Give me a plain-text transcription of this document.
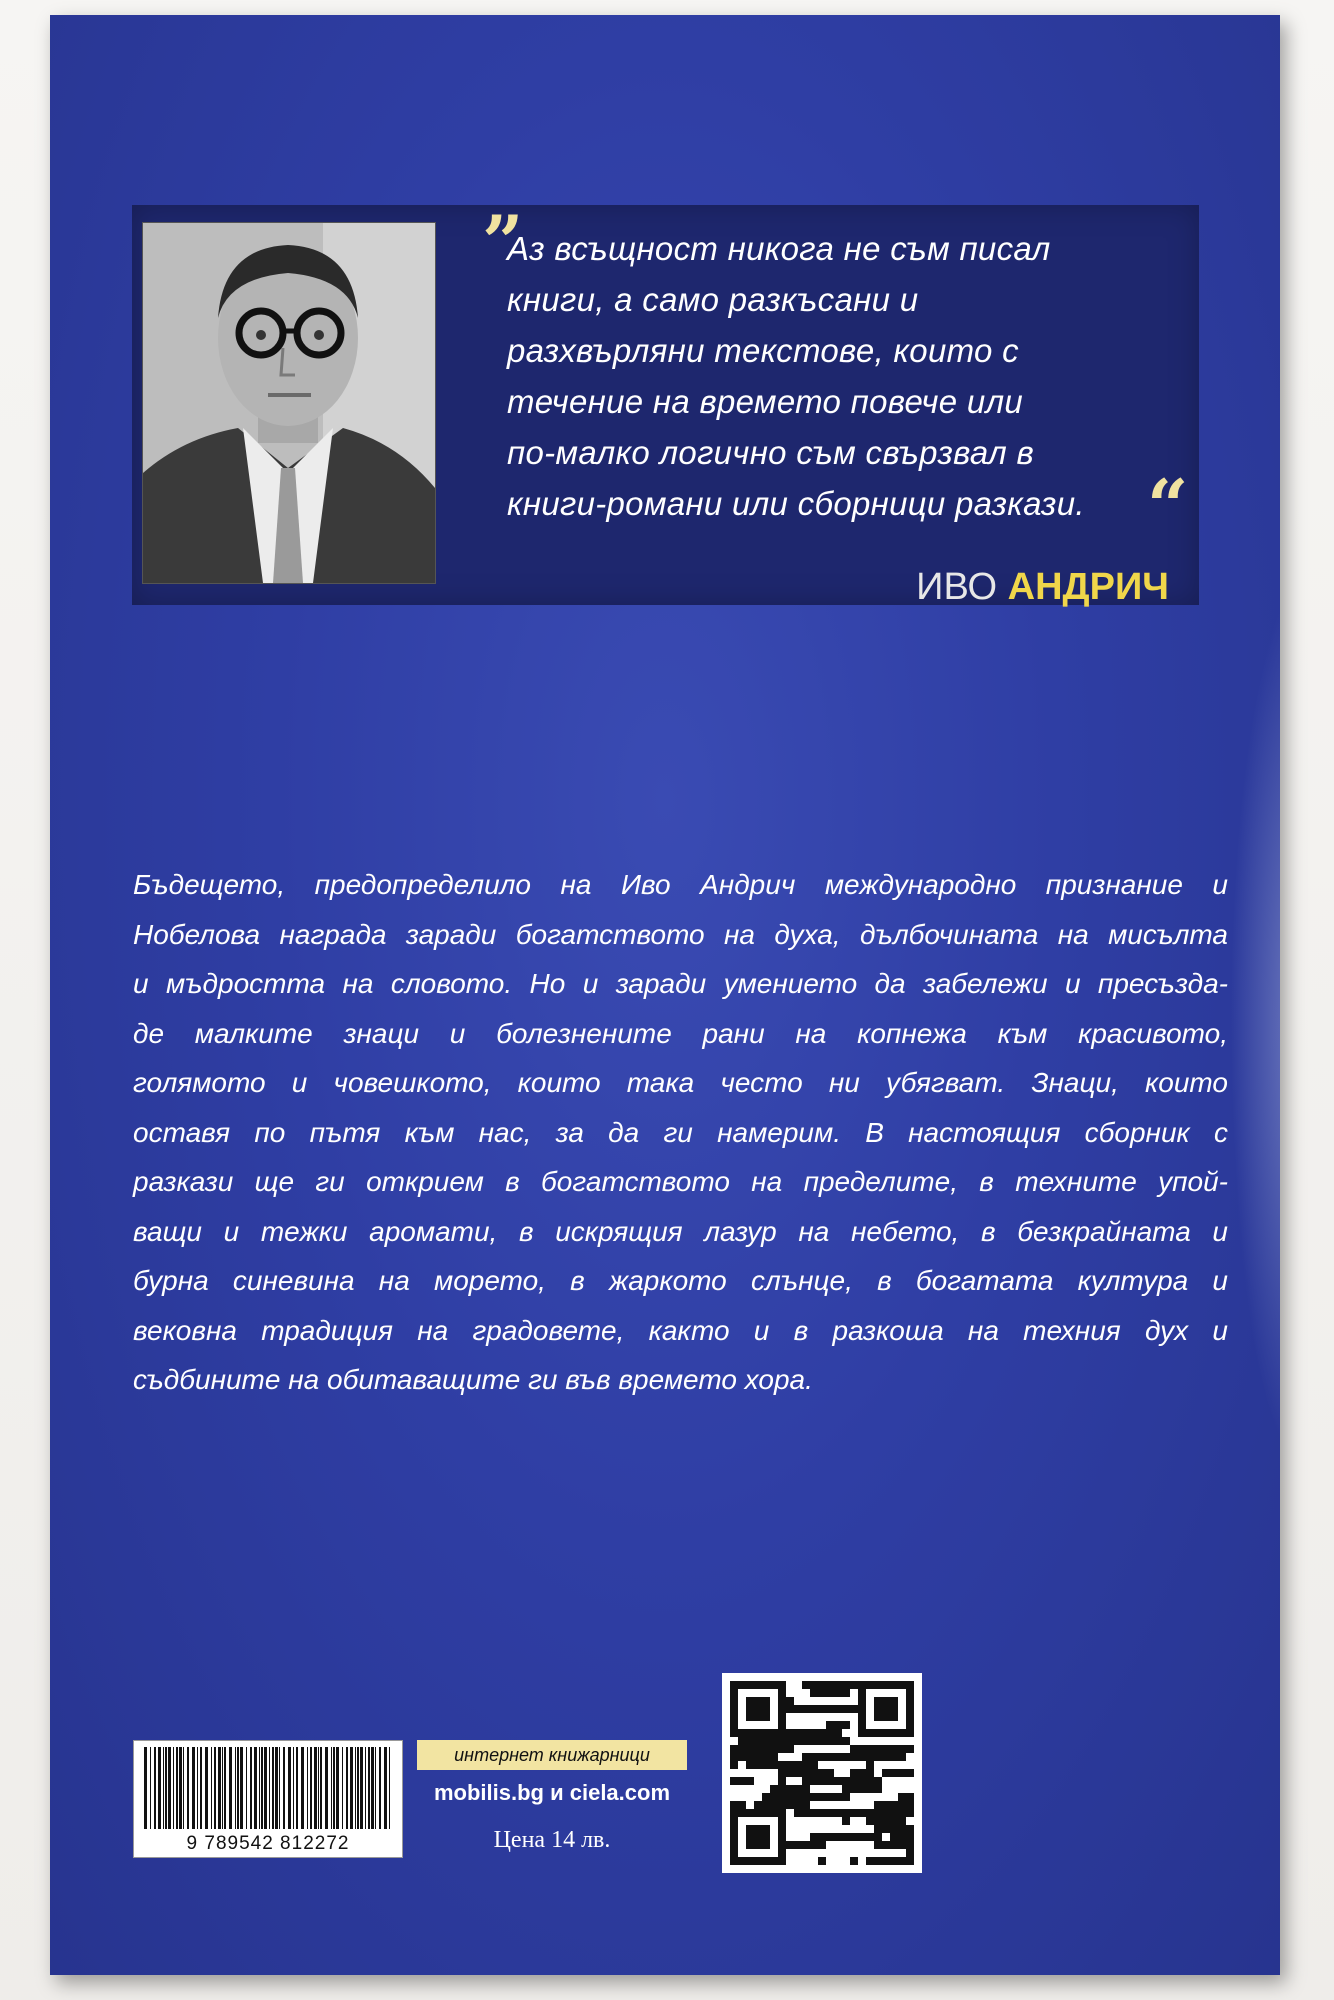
”
Аз всъщност никога не съм писал
книги, а само разкъсани и
разхвърляни текстове, които с
течение на времето повече или
по-малко логично съм свързвал в
книги-романи или сборници разкази. “
ИВО АНДРИЧ
Бъдещето, предопределило на Иво Андрич международно признание и
Нобелова награда заради богатството на духа, дълбочината на мисълта
и мъдростта на словото. Но и заради умението да забележи и пресъзда-
де малките знаци и болезнените рани на копнежа към красивото,
голямото и човешкото, които така често ни убягват. Знаци, които
оставя по пътя към нас, за да ги намерим. В настоящия сборник с
разкази ще ги открием в богатството на пределите, в техните упой-
ващи и тежки аромати, в искрящия лазур на небето, в безкрайната и
бурна синевина на морето, в жаркото слънце, в богатата култура и
вековна традиция на градовете, както и в разкоша на техния дух и
съдбините на обитаващите ги във времето хора.
9 789542 812272
интернет книжарници
mobilis.bg и ciela.com
Цена 14 лв.
